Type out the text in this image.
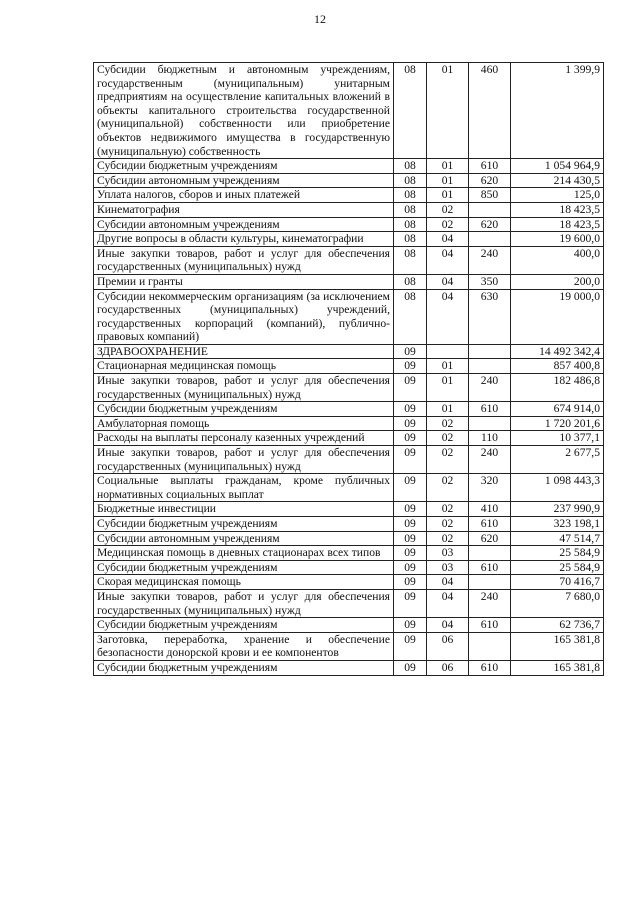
12
Субсидии бюджетным и автономным учреждениям, государственным (муниципальным) унитарным предприятиям на осуществление капитальных вложений в объекты капитального строительства государственной (муниципальной) собственности или приобретение объектов недвижимого имущества в государственную (муниципальную) собственность	08	01	460	1 399,9
Субсидии бюджетным учреждениям	08	01	610	1 054 964,9
Субсидии автономным учреждениям	08	01	620	214 430,5
Уплата налогов, сборов и иных платежей	08	01	850	125,0
Кинематография	08	02		18 423,5
Субсидии автономным учреждениям	08	02	620	18 423,5
Другие вопросы в области культуры, кинематографии	08	04		19 600,0
Иные закупки товаров, работ и услуг для обеспечения государственных (муниципальных) нужд	08	04	240	400,0
Премии и гранты	08	04	350	200,0
Субсидии некоммерческим организациям (за исключением государственных (муниципальных) учреждений, государственных корпораций (компаний), публично-правовых компаний)	08	04	630	19 000,0
ЗДРАВООХРАНЕНИЕ	09			14 492 342,4
Стационарная медицинская помощь	09	01		857 400,8
Иные закупки товаров, работ и услуг для обеспечения государственных (муниципальных) нужд	09	01	240	182 486,8
Субсидии бюджетным учреждениям	09	01	610	674 914,0
Амбулаторная помощь	09	02		1 720 201,6
Расходы на выплаты персоналу казенных учреждений	09	02	110	10 377,1
Иные закупки товаров, работ и услуг для обеспечения государственных (муниципальных) нужд	09	02	240	2 677,5
Социальные выплаты гражданам, кроме публичных нормативных социальных выплат	09	02	320	1 098 443,3
Бюджетные инвестиции	09	02	410	237 990,9
Субсидии бюджетным учреждениям	09	02	610	323 198,1
Субсидии автономным учреждениям	09	02	620	47 514,7
Медицинская помощь в дневных стационарах всех типов	09	03		25 584,9
Субсидии бюджетным учреждениям	09	03	610	25 584,9
Скорая медицинская помощь	09	04		70 416,7
Иные закупки товаров, работ и услуг для обеспечения государственных (муниципальных) нужд	09	04	240	7 680,0
Субсидии бюджетным учреждениям	09	04	610	62 736,7
Заготовка, переработка, хранение и обеспечение безопасности донорской крови и ее компонентов	09	06		165 381,8
Субсидии бюджетным учреждениям	09	06	610	165 381,8
